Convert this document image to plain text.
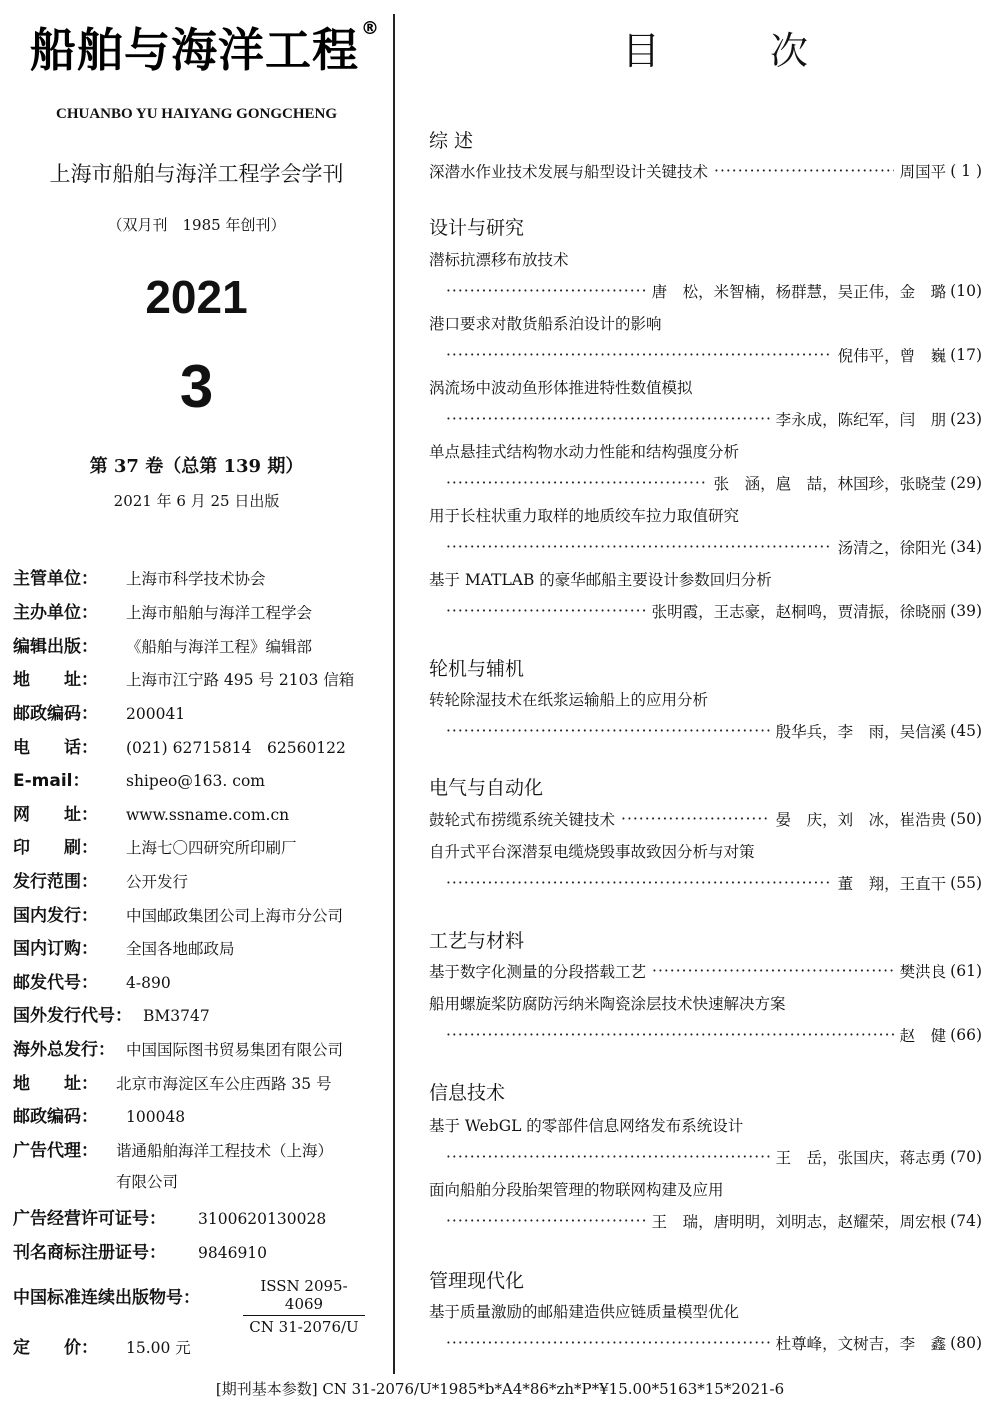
船舶与海洋工程 ®
CHUANBO YU HAIYANG GONGCHENG
上海市船舶与海洋工程学会学刊
（双月刊　1985 年创刊）
2021
3
第 37 卷（总第 139 期）
2021 年 6 月 25 日出版
主管单位： 上海市科学技术协会
主办单位： 上海市船舶与海洋工程学会
编辑出版： 《船舶与海洋工程》编辑部
地　　址： 上海市江宁路 495 号 2103 信箱
邮政编码： 200041
电　　话： (021) 62715814　62560122
E-mail： shipeo@163. com
网　　址： www.ssname.com.cn
印　　刷： 上海七〇四研究所印刷厂
发行范围： 公开发行
国内发行： 中国邮政集团公司上海市分公司
国内订购： 全国各地邮政局
邮发代号： 4-890
国外发行代号： BM3747
海外总发行： 中国国际图书贸易集团有限公司
地　　址： 北京市海淀区车公庄西路 35 号
邮政编码： 100048
广告代理： 谐通船舶海洋工程技术（上海）
有限公司
广告经营许可证号： 3100620130028
刊名商标注册证号： 9846910
中国标准连续出版物号：
ISSN 2095-4069
CN 31-2076/U
定　　价： 15.00 元
目次
综 述
深潜水作业技术发展与船型设计关键技术 ·····	周国平 ( 1 )
设计与研究
潜标抗漂移布放技术
·····
唐　松，米智楠，杨群慧，吴正伟，金　璐 (10)
港口要求对散货船系泊设计的影响
·····
倪伟平，曾　巍 (17)
涡流场中波动鱼形体推进特性数值模拟
·····
李永成，陈纪军，闫　朋 (23)
单点悬挂式结构物水动力性能和结构强度分析
·····
张　涵，扈　喆，林国珍，张晓莹 (29)
用于长柱状重力取样的地质绞车拉力取值研究
·····
汤清之，徐阳光 (34)
基于 MATLAB 的豪华邮船主要设计参数回归分析
·····
张明霞，王志豪，赵桐鸣，贾清振，徐晓丽 (39)
轮机与辅机
转轮除湿技术在纸浆运输船上的应用分析
·····
殷华兵，李　雨，吴信溪 (45)
电气与自动化
鼓轮式布捞缆系统关键技术 ·····	晏　庆，刘　冰，崔浩贵 (50)
自升式平台深潜泵电缆烧毁事故致因分析与对策
·····
董　翔，王直干 (55)
工艺与材料
基于数字化测量的分段搭载工艺 ·····	樊洪良 (61)
船用螺旋桨防腐防污纳米陶瓷涂层技术快速解决方案
·····
赵　健 (66)
信息技术
基于 WebGL 的零部件信息网络发布系统设计
·····
王　岳，张国庆，蒋志勇 (70)
面向船舶分段胎架管理的物联网构建及应用
·····
王　瑞，唐明明，刘明志，赵耀荣，周宏根 (74)
管理现代化
基于质量激励的邮船建造供应链质量模型优化
·····
杜尊峰，文树吉，李　鑫 (80)
[期刊基本参数] CN 31-2076/U*1985*b*A4*86*zh*P*¥15.00*5163*15*2021-6
